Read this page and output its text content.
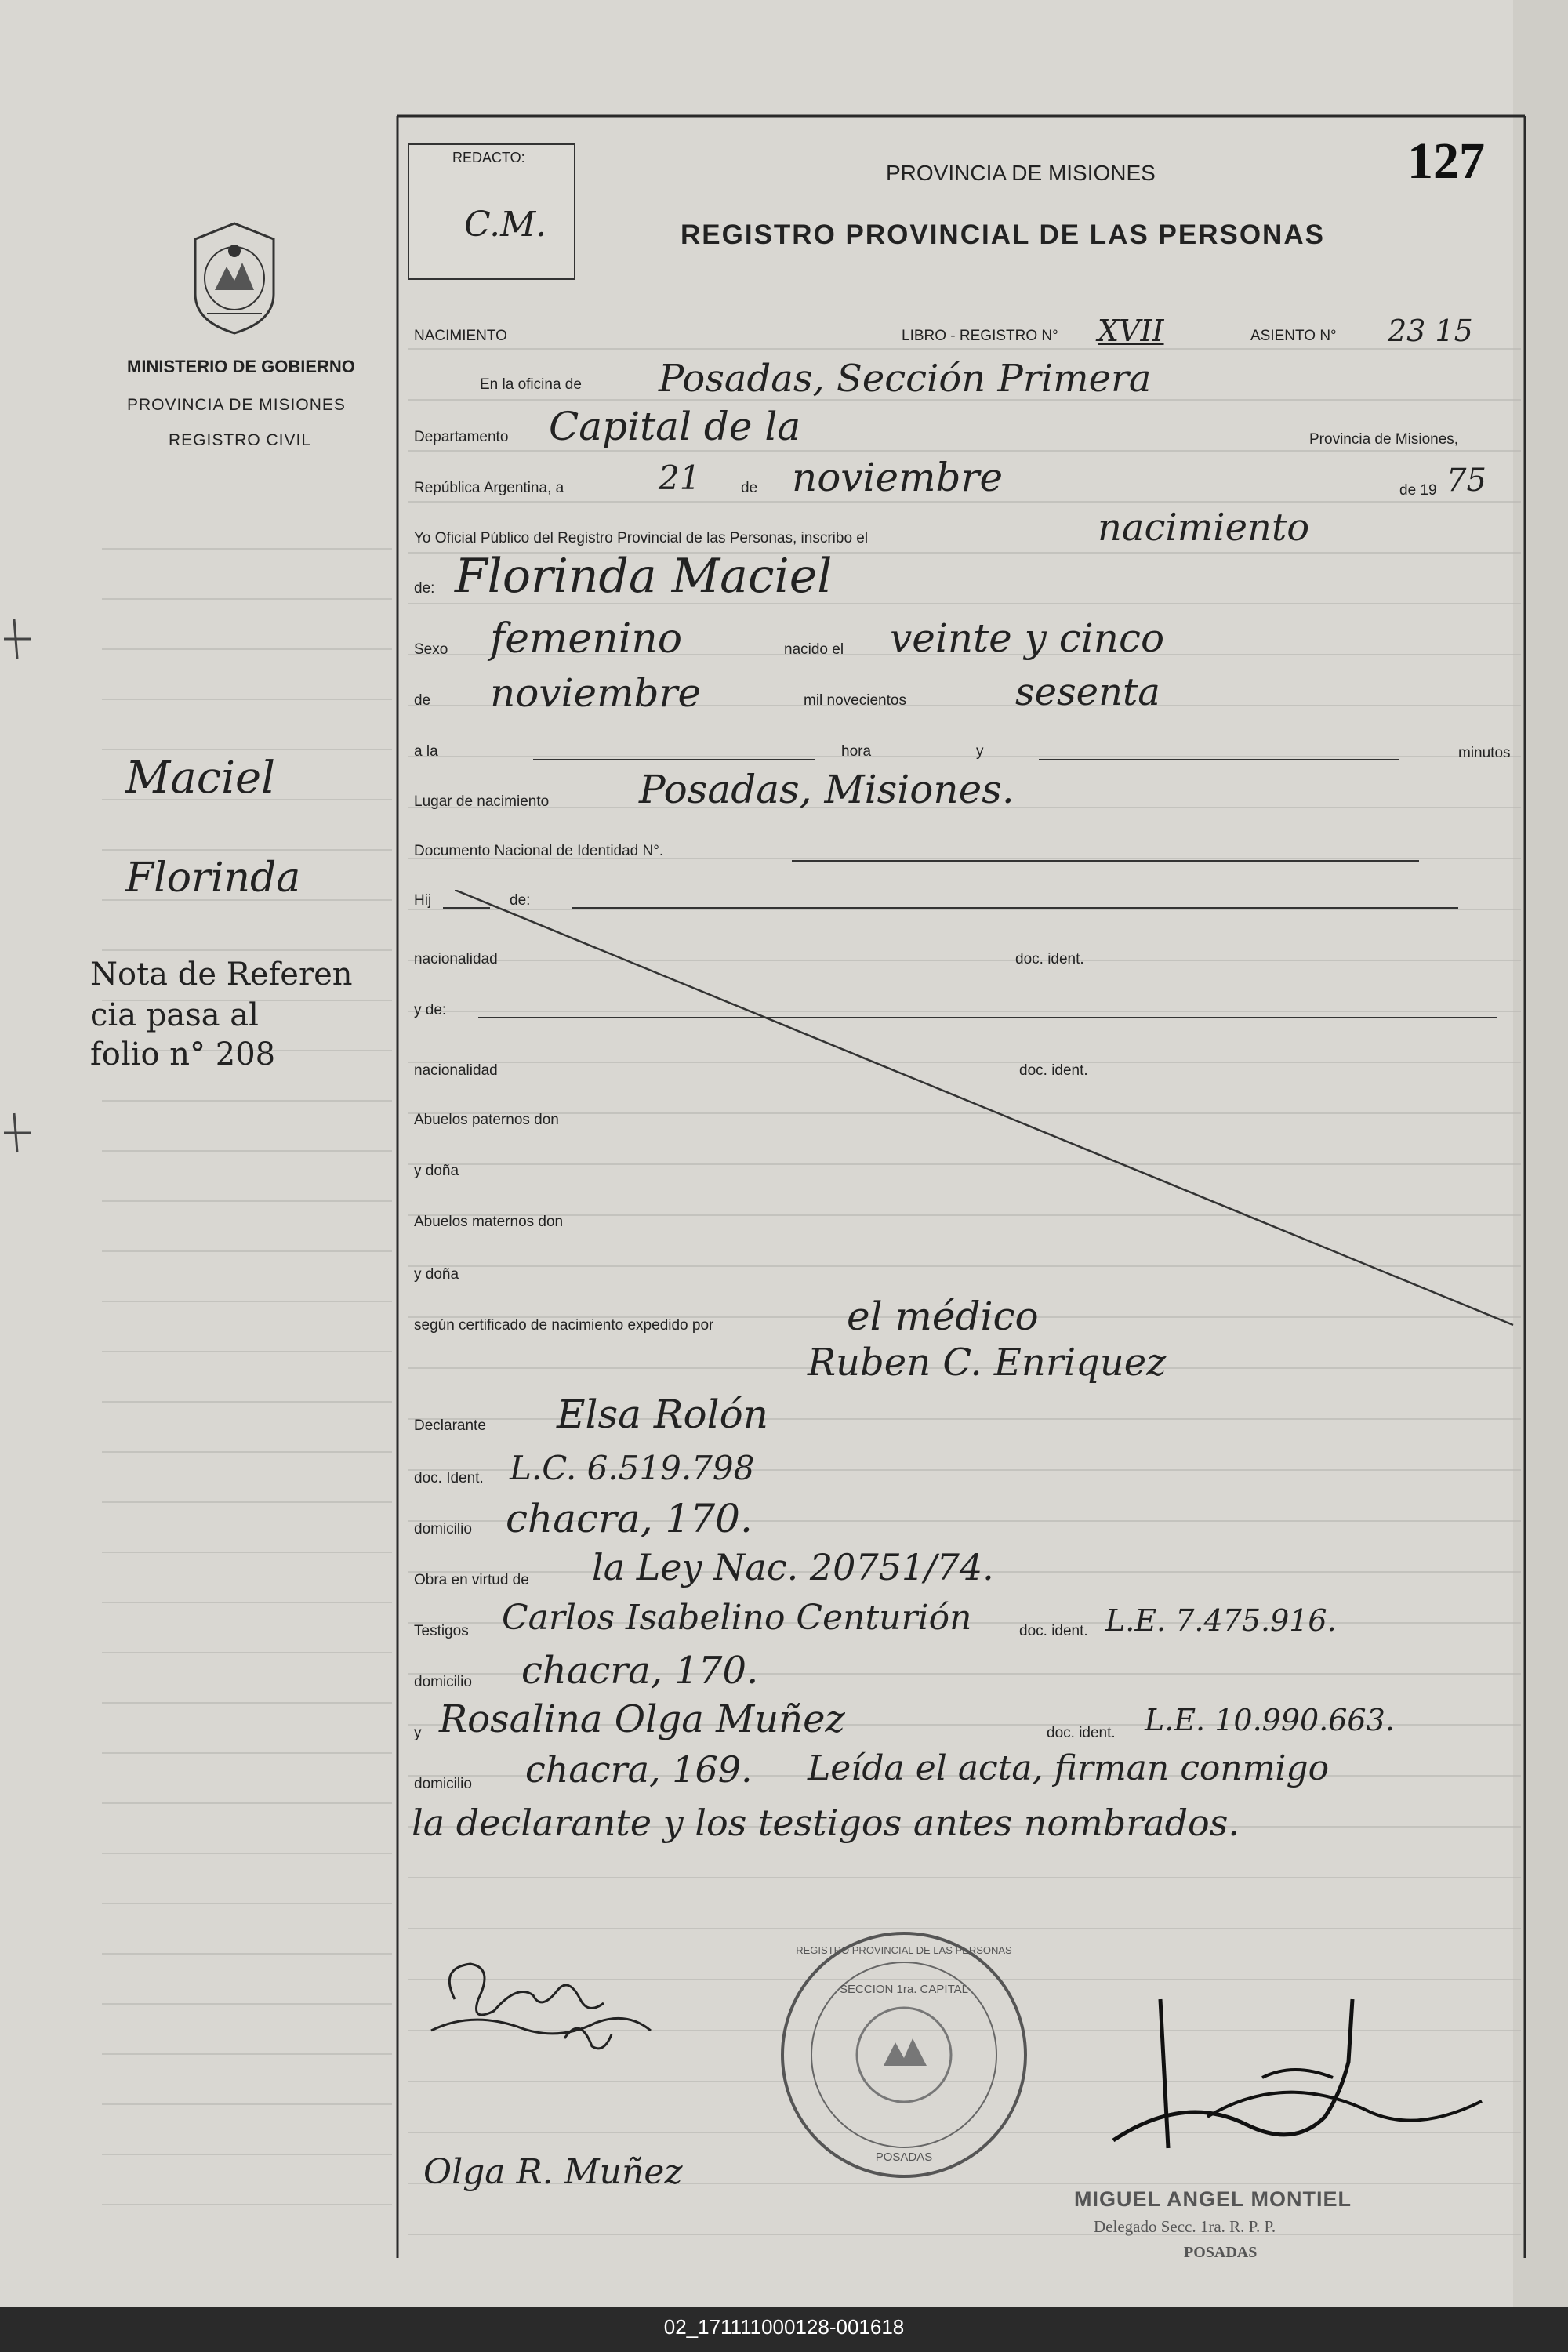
REDACTO:
C.M.
PROVINCIA DE MISIONES
REGISTRO PROVINCIAL DE LAS PERSONAS
127
MINISTERIO DE GOBIERNO
PROVINCIA DE MISIONES
REGISTRO CIVIL
Maciel
Florinda
Nota de Referen
cia pasa al
folio n° 208
NACIMIENTO	LIBRO - REGISTRO N° XVII	ASIENTO N° 23 15
En la oficina de Posadas, Sección Primera
Departamento Capital de la	Provincia de Misiones,
República Argentina, a	21	de noviembre	de 19 75
Yo Oficial Público del Registro Provincial de las Personas, inscribo el	nacimiento
de: Florinda Maciel
Sexo femenino	nacido el veinte y cinco
de noviembre	mil novecientos	sesenta
a la	hora	y	minutos
Lugar de nacimiento Posadas, Misiones.
Documento Nacional de Identidad N°.
Hij	de:
nacionalidad	doc. ident.
y de:
nacionalidad	doc. ident.
Abuelos paternos don
y doña
Abuelos maternos don
y doña
según certificado de nacimiento expedido por	el médico
Ruben C. Enriquez
Declarante Elsa Rolón
doc. Ident. L.C. 6.519.798
domicilio chacra, 170.
Obra en virtud de la Ley Nac. 20751/74.
Testigos Carlos Isabelino Centurión	doc. ident. L.E. 7.475.916.
domicilio chacra, 170.
y Rosalina Olga Muñez	doc. ident. L.E. 10.990.663.
domicilio chacra, 169. Leída el acta, firman conmigo
la declarante y los testigos antes nombrados.
Olga R. Muñez
REGISTRO PROVINCIAL DE LAS PERSONAS
SECCION 1ra. CAPITAL
POSADAS
MIGUEL ANGEL MONTIEL
Delegado Secc. 1ra. R. P. P.
POSADAS
02_171111000128-001618
